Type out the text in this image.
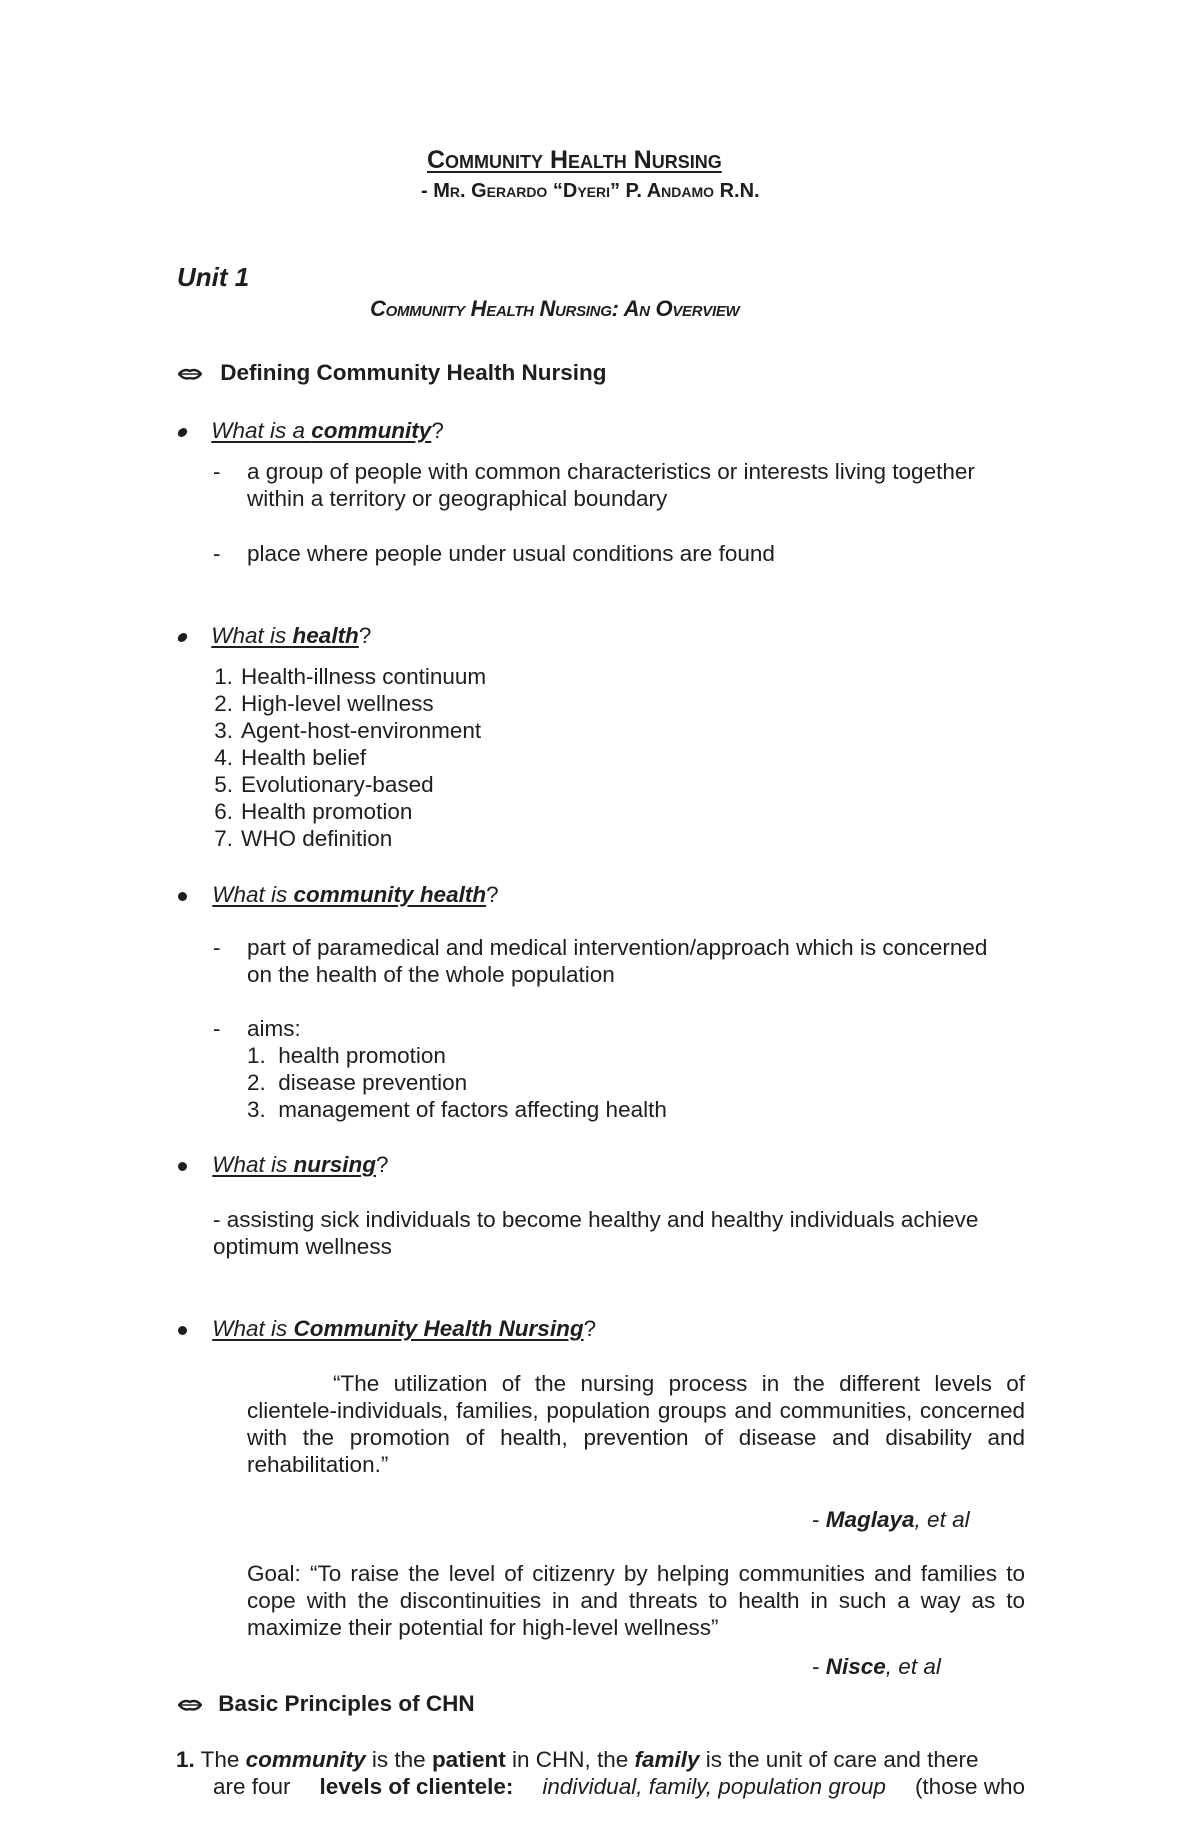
Community Health Nursing
- Mr. Gerardo “Dyeri” P. Andamo R.N.
Unit 1
Community Health Nursing: An Overview
Defining Community Health Nursing
What is a community?
- a group of people with common characteristics or interests living together
within a territory or geographical boundary
- place where people under usual conditions are found
What is health?
1. Health-illness continuum
2. High-level wellness
3. Agent-host-environment
4. Health belief
5. Evolutionary-based
6. Health promotion
7. WHO definition
What is community health?
- part of paramedical and medical intervention/approach which is concerned
on the health of the whole population
- aims:
1. health promotion
2. disease prevention
3. management of factors affecting health
What is nursing?
- assisting sick individuals to become healthy and healthy individuals achieve
optimum wellness
What is Community Health Nursing?
“The utilization of the nursing process in the different levels of clientele-individuals, families, population groups and communities, concerned with the promotion of health, prevention of disease and disability and rehabilitation.”
- Maglaya, et al
Goal: “To raise the level of citizenry by helping communities and families to cope with the discontinuities in and threats to health in such a way as to maximize their potential for high-level wellness”
- Nisce, et al
Basic Principles of CHN
1. The community is the patient in CHN, the family is the unit of care and there
are four levels of clientele: individual, family, population group (those who
